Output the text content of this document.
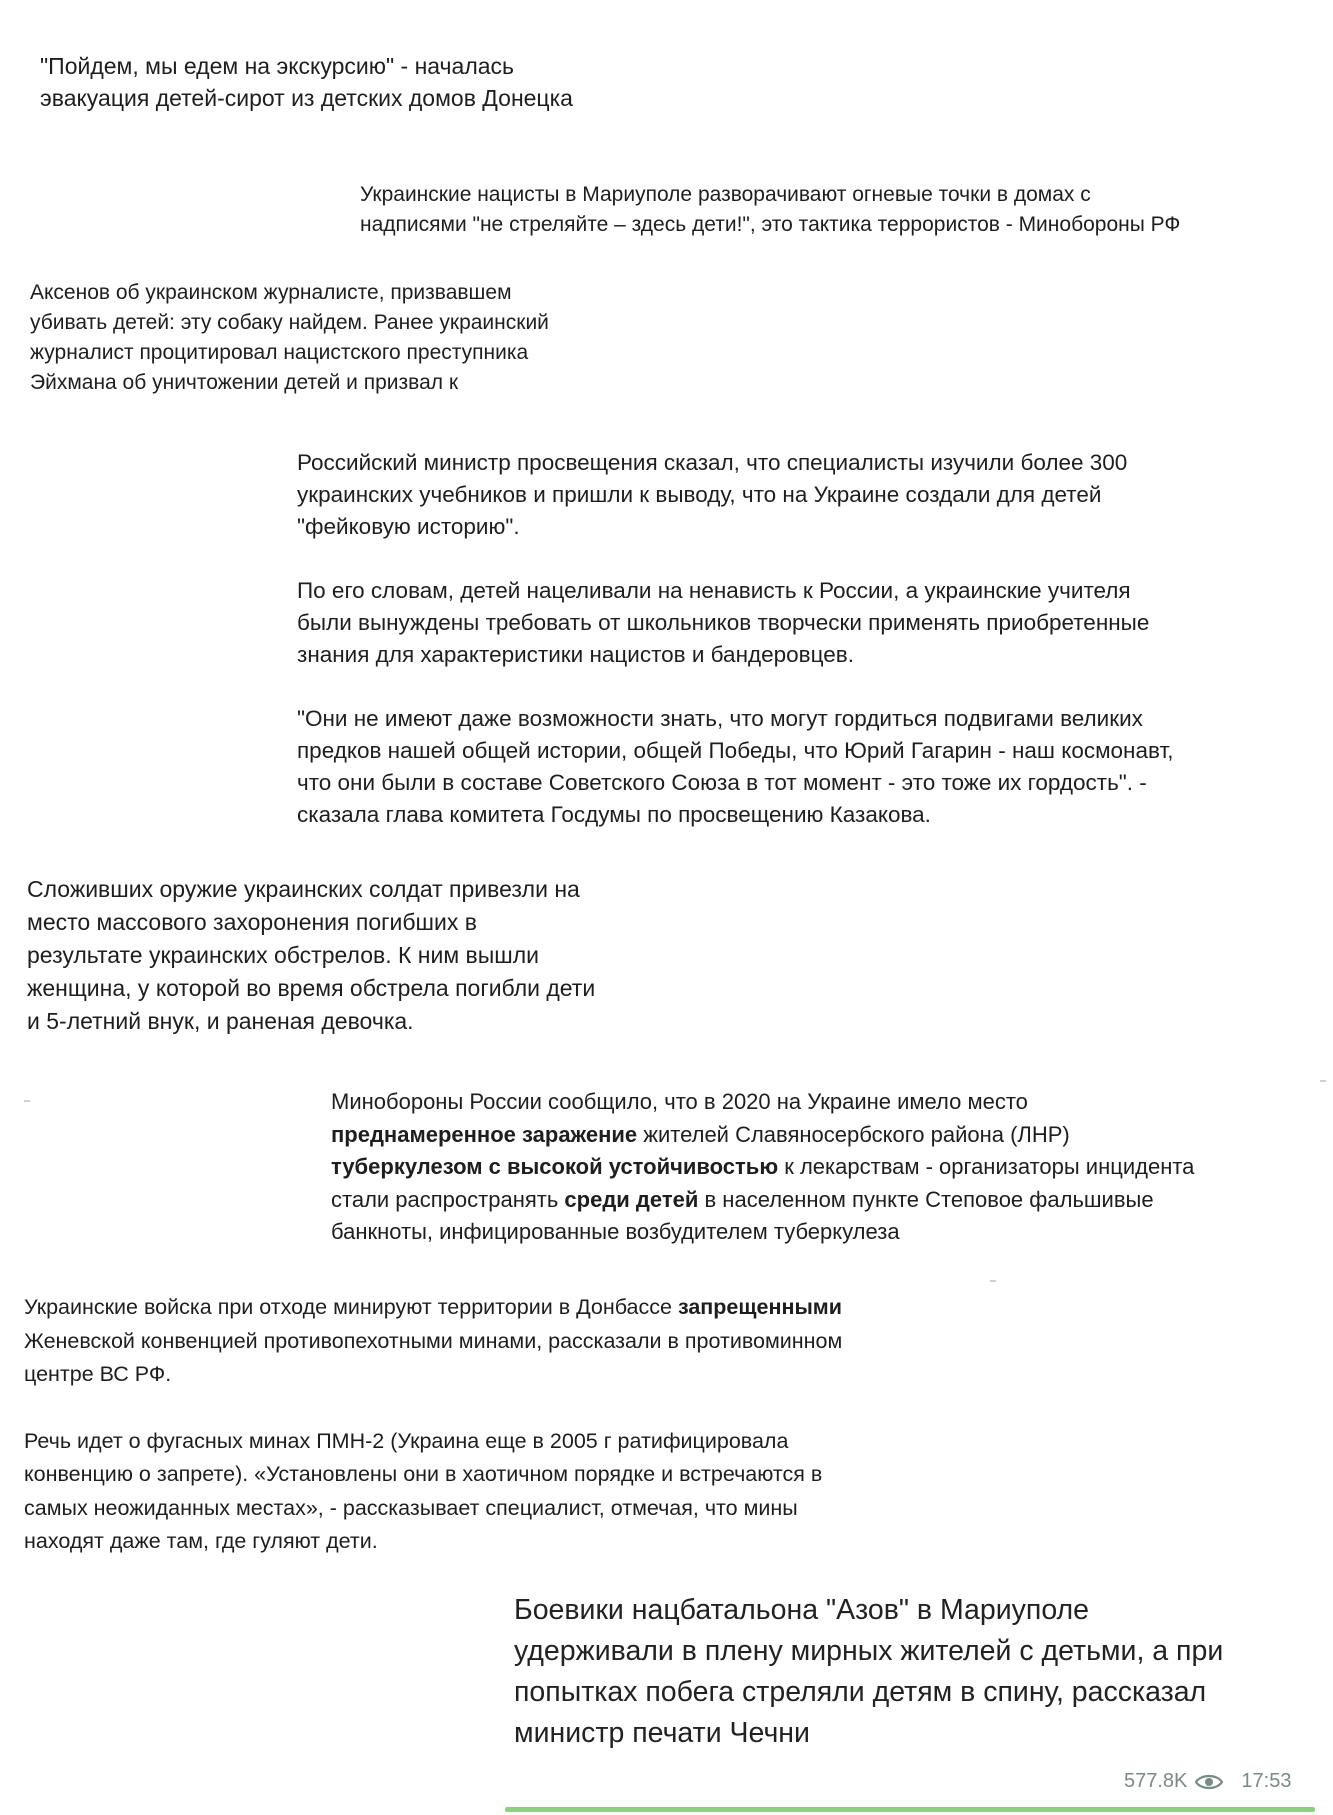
"Пойдем, мы едем на экскурсию" - началась
эвакуация детей-сирот из детских домов Донецка

Украинские нацисты в Мариуполе разворачивают огневые точки в домах с
надписями "не стреляйте – здесь дети!", это тактика террористов - Минобороны РФ

Аксенов об украинском журналисте, призвавшем
убивать детей: эту собаку найдем. Ранее украинский
журналист процитировал нацистского преступника
Эйхмана об уничтожении детей и призвал к

Российский министр просвещения сказал, что специалисты изучили более 300
украинских учебников и пришли к выводу, что на Украине создали для детей
"фейковую историю".

По его словам, детей нацеливали на ненависть к России, а украинские учителя
были вынуждены требовать от школьников творчески применять приобретенные
знания для характеристики нацистов и бандеровцев.

"Они не имеют даже возможности знать, что могут гордиться подвигами великих
предков нашей общей истории, общей Победы, что Юрий Гагарин - наш космонавт,
что они были в составе Советского Союза в тот момент - это тоже их гордость". -
сказала глава комитета Госдумы по просвещению Казакова.

Сложивших оружие украинских солдат привезли на
место массового захоронения погибших в
результате украинских обстрелов. К ним вышли
женщина, у которой во время обстрела погибли дети
и 5-летний внук, и раненая девочка.

Минобороны России сообщило, что в 2020 на Украине имело место

преднамеренное заражение жителей Славяносербского района (ЛНР)

туберкулезом с высокой устойчивостью к лекарствам - организаторы инцидента

стали распространять среди детей в населенном пункте Степовое фальшивые

банкноты, инфицированные возбудителем туберкулеза

Украинские войска при отходе минируют территории в Донбассе запрещенными
Женевской конвенцией противопехотными минами, рассказали в противоминном
центре ВС РФ.

Речь идет о фугасных минах ПМН-2 (Украина еще в 2005 г ратифицировала
конвенцию о запрете). «Установлены они в хаотичном порядке и встречаются в
самых неожиданных местах», - рассказывает специалист, отмечая, что мины
находят даже там, где гуляют дети.

Боевики нацбатальона "Азов" в Мариуполе
удерживали в плену мирных жителей с детьми, а при
попытках побега стреляли детям в спину, рассказал
министр печати Чечни

577.8K	17:53
